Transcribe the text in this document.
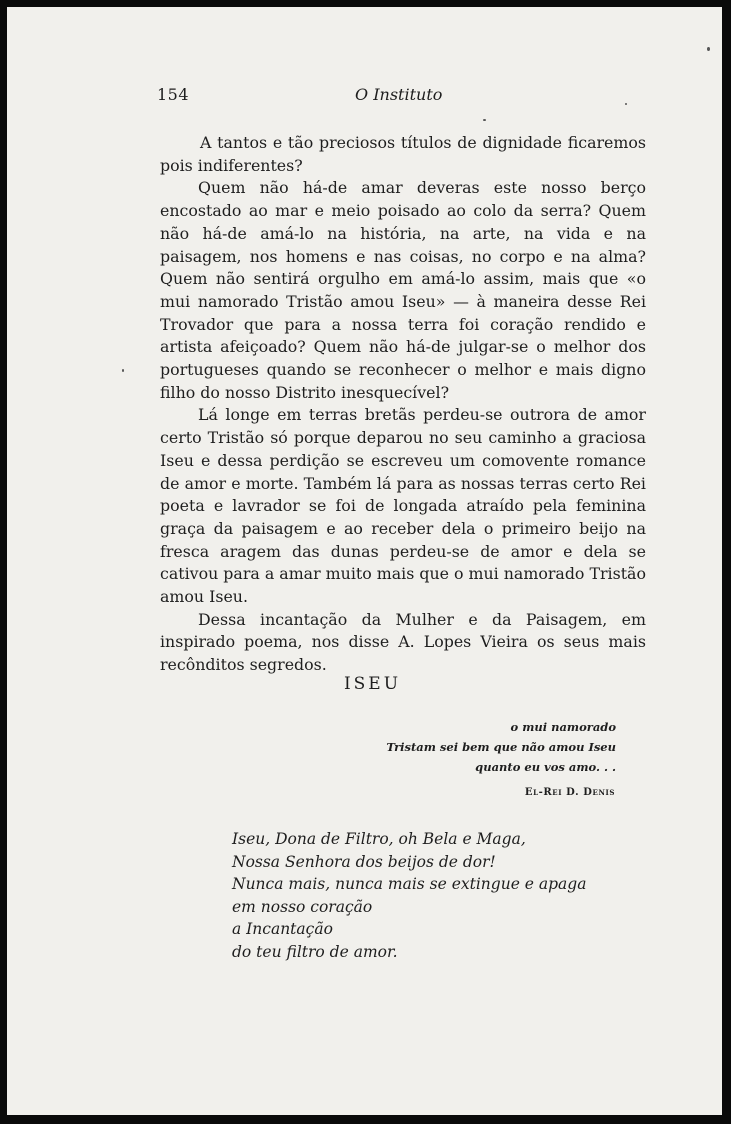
154	O Instituto

A tantos e tão preciosos títulos de dignidade ficaremos pois indiferentes?

Quem não há-de amar deveras este nosso berço encostado ao mar e meio poisado ao colo da serra? Quem não há-de amá-lo na história, na arte, na vida e na paisagem, nos homens e nas coisas, no corpo e na alma? Quem não sentirá orgulho em amá-lo assim, mais que «o mui namorado Tristão amou Iseu» — à maneira desse Rei Trovador que para a nossa terra foi coração rendido e artista afeiçoado? Quem não há-de julgar-se o melhor dos portugueses quando se reconhecer o melhor e mais digno filho do nosso Distrito inesquecível?

Lá longe em terras bretãs perdeu-se outrora de amor certo Tristão só porque deparou no seu caminho a graciosa Iseu e dessa perdição se escreveu um comovente romance de amor e morte. Também lá para as nossas terras certo Rei poeta e lavrador se foi de longada atraído pela feminina graça da paisagem e ao receber dela o primeiro beijo na fresca aragem das dunas perdeu-se de amor e dela se cativou para a amar muito mais que o mui namorado Tristão amou Iseu.

Dessa incantação da Mulher e da Paisagem, em inspirado poema, nos disse A. Lopes Vieira os seus mais recônditos segredos.

ISEU
o mui namorado
Tristam sei bem que não amou Iseu
quanto eu vos amo. . .
El-Rei D. Denis
Iseu, Dona de Filtro, oh Bela e Maga,
Nossa Senhora dos beijos de dor!
Nunca mais, nunca mais se extingue e apaga
em nosso coração
a Incantação
do teu filtro de amor.
